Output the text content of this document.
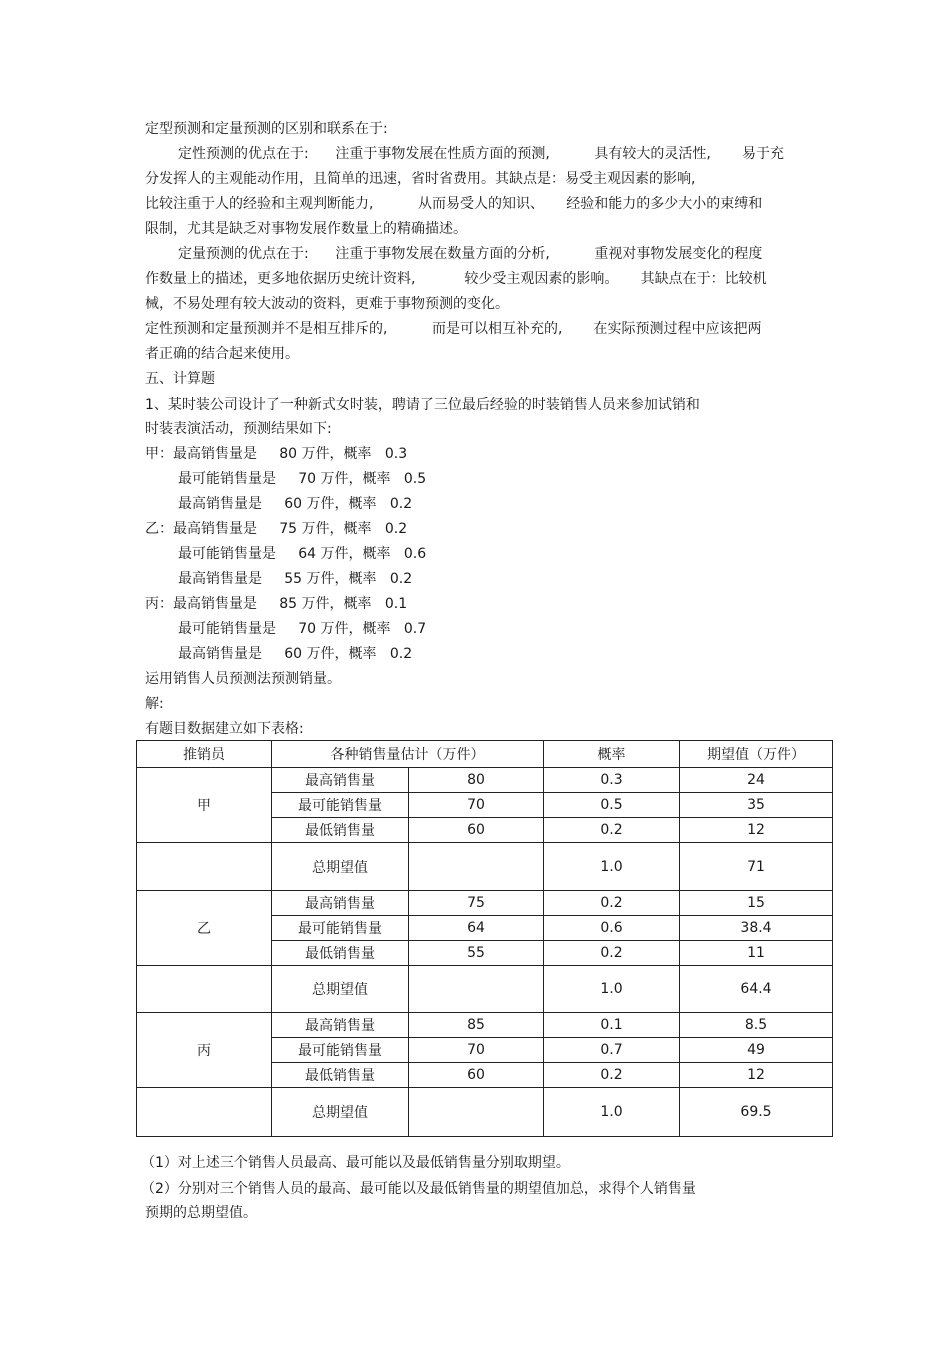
定型预测和定量预测的区别和联系在于:
定性预测的优点在于:      注重于事物发展在性质方面的预测,          具有较大的灵活性,       易于充
分发挥人的主观能动作用，且简单的迅速，省时省费用。其缺点是：易受主观因素的影响,
比较注重于人的经验和主观判断能力,          从而易受人的知识、     经验和能力的多少大小的束缚和
限制，尤其是缺乏对事物发展作数量上的精确描述。
定量预测的优点在于:      注重于事物发展在数量方面的分析,          重视对事物发展变化的程度
作数量上的描述，更多地依据历史统计资料,           较少受主观因素的影响。     其缺点在于：比较机
械，不易处理有较大波动的资料，更难于事物预测的变化。
定性预测和定量预测并不是相互排斥的,          而是可以相互补充的,       在实际预测过程中应该把两
者正确的结合起来使用。
五、计算题
1、某时装公司设计了一种新式女时装，聘请了三位最后经验的时装销售人员来参加试销和
时装表演活动，预测结果如下:
甲：最高销售量是     80 万件，概率   0.3
最可能销售量是     70 万件，概率   0.5
最高销售量是     60 万件，概率   0.2
乙：最高销售量是     75 万件，概率   0.2
最可能销售量是     64 万件，概率   0.6
最高销售量是     55 万件，概率   0.2
丙：最高销售量是     85 万件，概率   0.1
最可能销售量是     70 万件，概率   0.7
最高销售量是     60 万件，概率   0.2
运用销售人员预测法预测销量。
解:
有题目数据建立如下表格:
推销员	各种销售量估计（万件）		概率	期望值（万件）
甲	最高销售量	80	0.3	24
	最可能销售量	70	0.5	35
	最低销售量	60	0.2	12
	总期望值		1.0	71
乙	最高销售量	75	0.2	15
	最可能销售量	64	0.6	38.4
	最低销售量	55	0.2	11
	总期望值		1.0	64.4
丙	最高销售量	85	0.1	8.5
	最可能销售量	70	0.7	49
	最低销售量	60	0.2	12
	总期望值		1.0	69.5
（1）对上述三个销售人员最高、最可能以及最低销售量分别取期望。
（2）分别对三个销售人员的最高、最可能以及最低销售量的期望值加总，求得个人销售量
预期的总期望值。
